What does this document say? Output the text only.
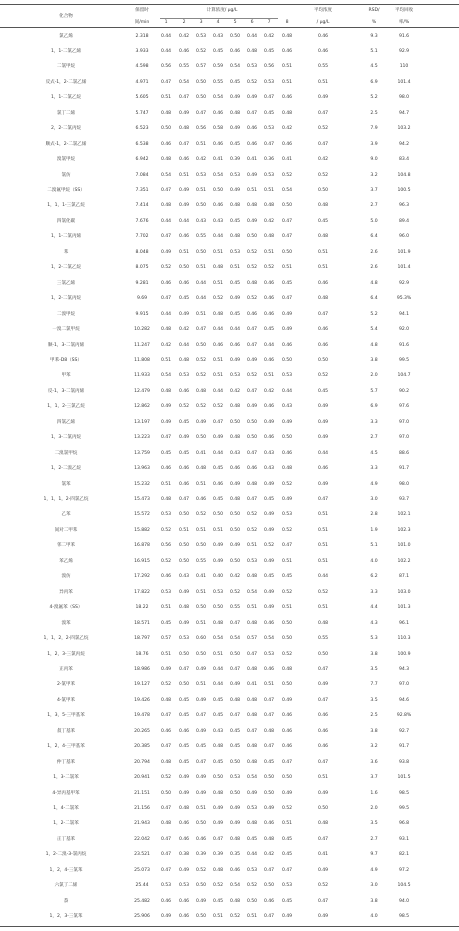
化合物
保留时
间/min
计算浓度/ μg/L
1	2	3	4	5	6	7	8
平均浓度
/ μg/L
RSD/
%
平均回收
率/%
氯乙烯	2.318	0.44 0.42 0.53 0.43 0.50 0.44 0.42 0.48	0.46	9.3	91.6
1，1-二氯乙烯	3.933	0.44 0.46 0.52 0.45 0.46 0.48 0.45 0.46	0.46	5.1	92.9
二氯甲烷	4.598	0.56 0.55 0.57 0.59 0.54 0.53 0.56 0.51	0.55	4.5	110
反式-1，2-二氯乙烯	4.971	0.47 0.54 0.50 0.55 0.45 0.52 0.53 0.51	0.51	6.9	101.4
1，1-二氯乙烷	5.605	0.51 0.47 0.50 0.54 0.49 0.49 0.47 0.46	0.49	5.2	98.0
氯丁二烯	5.747	0.48 0.49 0.47 0.46 0.48 0.47 0.45 0.48	0.47	2.5	94.7
2，2-二氯丙烷	6.523	0.50 0.48 0.56 0.58 0.49 0.46 0.53 0.42	0.52	7.9	103.2
顺式-1，2-二氯乙烯	6.538	0.46 0.47 0.51 0.46 0.45 0.46 0.47 0.46	0.47	3.9	94.2
溴氯甲烷	6.942	0.48 0.46 0.42 0.41 0.39 0.41 0.36 0.41	0.42	9.0	83.4
氯仿	7.084	0.54 0.51 0.53 0.54 0.53 0.49 0.53 0.52	0.52	3.2	104.8
二溴氟甲烷（SS）	7.351	0.47 0.49 0.51 0.50 0.49 0.51 0.51 0.54	0.50	3.7	100.5
1，1，1-三氯乙烷	7.414	0.48 0.49 0.50 0.46 0.48 0.48 0.48 0.50	0.48	2.7	96.3
四氯化碳	7.676	0.44 0.44 0.43 0.43 0.45 0.49 0.42 0.47	0.45	5.0	89.4
1，1-二氯丙烯	7.702	0.47 0.46 0.55 0.44 0.48 0.50 0.48 0.47	0.48	6.4	96.0
苯	8.048	0.49 0.51 0.50 0.51 0.53 0.52 0.51 0.50	0.51	2.6	101.9
1，2-二氯乙烷	8.075	0.52 0.50 0.51 0.48 0.51 0.52 0.52 0.51	0.51	2.6	101.4
三氯乙烯	9.281	0.46 0.46 0.44 0.51 0.45 0.48 0.46 0.45	0.46	4.8	92.9
1，2-二氯丙烷	9.69	0.47 0.45 0.44 0.52 0.49 0.52 0.46 0.47	0.48	6.4	95.3%
二溴甲烷	9.915	0.44 0.49 0.51 0.48 0.45 0.46 0.46 0.49	0.47	5.2	94.1
一溴二氯甲烷	10.282 0.48 0.42 0.47 0.44 0.44 0.47 0.45 0.49	0.46	5.4	92.0
顺-1，3-二氯丙烯	11.247 0.42 0.44 0.50 0.46 0.46 0.47 0.44 0.46	0.46	4.8	91.6
甲苯-D8（SS）	11.808 0.51 0.48 0.52 0.51 0.49 0.49 0.46 0.50	0.50	3.8	99.5
甲苯	11.933 0.54 0.53 0.52 0.51 0.53 0.52 0.51 0.53	0.52	2.0	104.7
反-1，3-二氯丙烯	12.479 0.48 0.46 0.48 0.44 0.42 0.47 0.42 0.44	0.45	5.7	90.2
1，1，2-三氯乙烷	12.862 0.49 0.52 0.52 0.52 0.48 0.49 0.46 0.43	0.49	6.9	97.6
四氯乙烯	13.197 0.49 0.45 0.49 0.47 0.50 0.50 0.49 0.49	0.49	3.3	97.0
1，3-二氯丙烷	13.223 0.47 0.49 0.50 0.49 0.48 0.50 0.46 0.50	0.49	2.7	97.0
二溴氯甲烷	13.759 0.45 0.45 0.41 0.44 0.43 0.47 0.43 0.46	0.44	4.5	88.6
1，2-二溴乙烷	13.963 0.46 0.46 0.48 0.45 0.46 0.46 0.43 0.48	0.46	3.3	91.7
氯苯	15.232 0.51 0.46 0.51 0.46 0.49 0.48 0.49 0.52	0.49	4.9	98.0
1，1，1，2-四氯乙烷	15.473 0.48 0.47 0.46 0.45 0.48 0.47 0.45 0.49	0.47	3.0	93.7
乙苯	15.572 0.53 0.50 0.52 0.50 0.50 0.52 0.49 0.53	0.51	2.8	102.1
间对二甲苯	15.882 0.52 0.51 0.51 0.51 0.50 0.52 0.49 0.52	0.51	1.9	102.3
邻二甲苯	16.878 0.56 0.50 0.50 0.49 0.49 0.51 0.52 0.47	0.51	5.1	101.0
苯乙烯	16.915 0.52 0.50 0.55 0.49 0.50 0.53 0.49 0.51	0.51	4.0	102.2
溴仿	17.292 0.46 0.43 0.41 0.40 0.42 0.48 0.45 0.45	0.44	6.2	87.1
异丙苯	17.822 0.53 0.49 0.51 0.53 0.52 0.54 0.49 0.52	0.52	3.3	103.0
4-溴氟苯（SS）	18.22	0.51 0.48 0.50 0.50 0.55 0.51 0.49 0.51	0.51	4.4	101.3
溴苯	18.571 0.45 0.49 0.51 0.48 0.47 0.48 0.46 0.50	0.48	4.3	96.1
1，1，2，2-四氯乙烷	18.797 0.57 0.53 0.60 0.54 0.54 0.57 0.54 0.50	0.55	5.3	110.3
1，2，3-三氯丙烷	18.76	0.51 0.50 0.50 0.51 0.50 0.47 0.53 0.52	0.50	3.8	100.9
正丙苯	18.986 0.49 0.47 0.49 0.44 0.47 0.48 0.46 0.48	0.47	3.5	94.3
2-氯甲苯	19.127 0.52 0.50 0.51 0.44 0.49 0.41 0.51 0.50	0.49	7.7	97.0
4-氯甲苯	19.426 0.48 0.45 0.49 0.45 0.48 0.48 0.47 0.49	0.47	3.5	94.6
1，3，5-三甲基苯	19.478 0.47 0.45 0.47 0.45 0.47 0.48 0.47 0.46	0.46	2.5	92.8%
叔丁基苯	20.265 0.46 0.46 0.49 0.43 0.45 0.47 0.48 0.46	0.46	3.8	92.7
1，2，4-三甲基苯	20.385 0.47 0.45 0.45 0.48 0.45 0.48 0.47 0.46	0.46	3.2	91.7
仲丁基苯	20.794 0.48 0.45 0.47 0.45 0.50 0.48 0.45 0.47	0.47	3.6	93.8
1，3-二氯苯	20.941 0.52 0.49 0.49 0.50 0.53 0.54 0.50 0.50	0.51	3.7	101.5
4-异丙基甲苯	21.151 0.50 0.49 0.49 0.48 0.50 0.49 0.50 0.49	0.49	1.6	98.5
1，4-二氯苯	21.156 0.47 0.48 0.51 0.49 0.49 0.53 0.49 0.52	0.50	2.0	99.5
1，2-二氯苯	21.943 0.48 0.46 0.50 0.49 0.49 0.48 0.46 0.51	0.48	3.5	96.8
正丁基苯	22.042 0.47 0.46 0.46 0.47 0.48 0.45 0.48 0.45	0.47	2.7	93.1
1，2-二溴-3-氯丙烷	23.521 0.47 0.38 0.39 0.39 0.35 0.44 0.42 0.45	0.41	9.7	82.1
1，2，4-三氯苯	25.073 0.47 0.49 0.52 0.48 0.46 0.53 0.47 0.47	0.49	4.9	97.2
六氯丁二烯	25.44	0.53 0.53 0.50 0.52 0.54 0.52 0.50 0.53	0.52	3.0	104.5
萘	25.482 0.46 0.46 0.49 0.45 0.48 0.50 0.46 0.45	0.47	3.8	94.0
1，2，3-三氯苯	25.906 0.49 0.46 0.50 0.51 0.52 0.51 0.47 0.49	0.49	4.0	98.5
